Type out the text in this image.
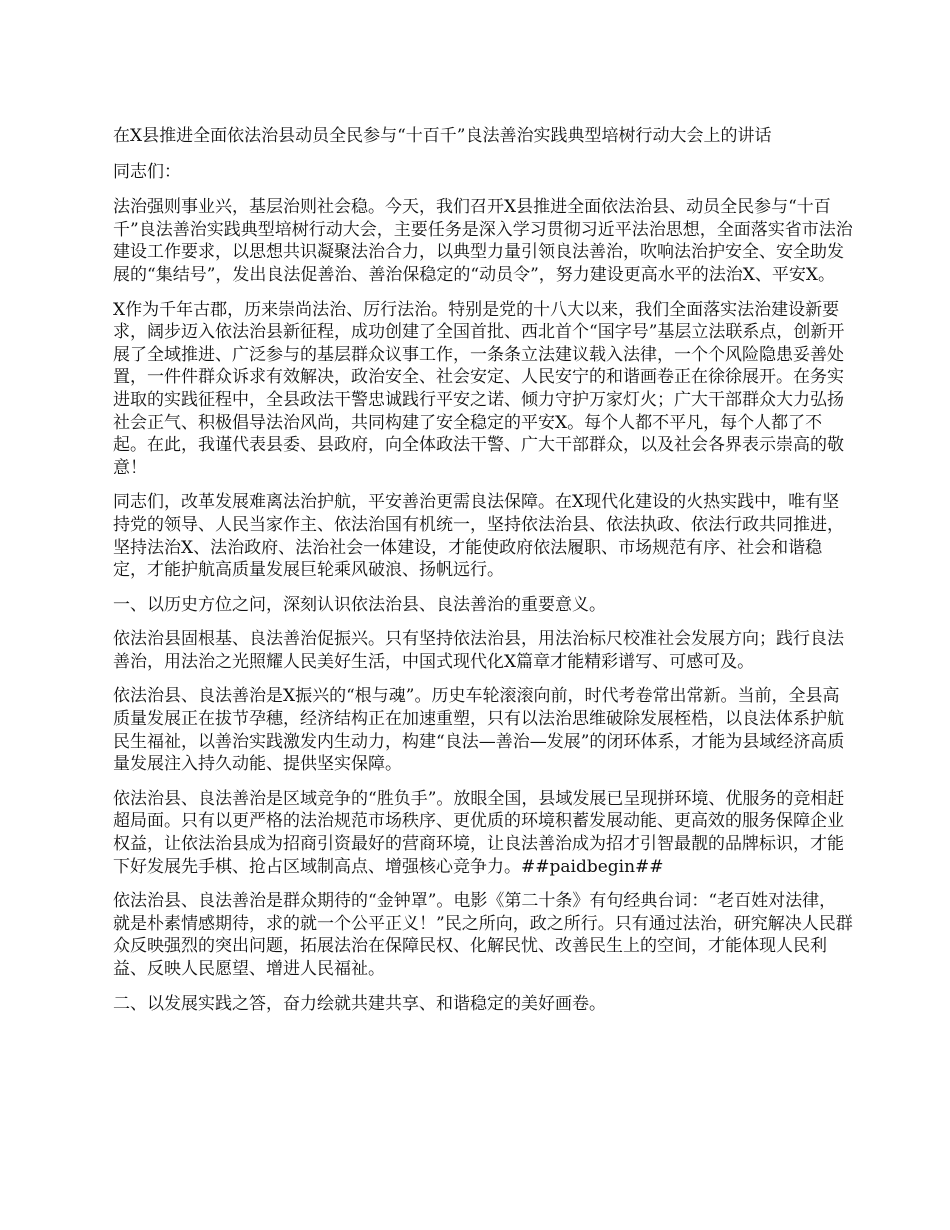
在X县推进全面依法治县动员全民参与“十百千”良法善治实践典型培树行动大会上的讲话

同志们：

法治强则事业兴，基层治则社会稳。今天，我们召开X县推进全面依法治县、动员全民参与“十百千”良法善治实践典型培树行动大会，主要任务是深入学习贯彻习近平法治思想，全面落实省市法治建设工作要求，以思想共识凝聚法治合力，以典型力量引领良法善治，吹响法治护安全、安全助发展的“集结号”，发出良法促善治、善治保稳定的“动员令”，努力建设更高水平的法治X、平安X。

X作为千年古郡，历来崇尚法治、厉行法治。特别是党的十八大以来，我们全面落实法治建设新要求，阔步迈入依法治县新征程，成功创建了全国首批、西北首个“国字号”基层立法联系点，创新开展了全域推进、广泛参与的基层群众议事工作，一条条立法建议载入法律，一个个风险隐患妥善处置，一件件群众诉求有效解决，政治安全、社会安定、人民安宁的和谐画卷正在徐徐展开。在务实进取的实践征程中，全县政法干警忠诚践行平安之诺、倾力守护万家灯火；广大干部群众大力弘扬社会正气、积极倡导法治风尚，共同构建了安全稳定的平安X。每个人都不平凡，每个人都了不起。在此，我谨代表县委、县政府，向全体政法干警、广大干部群众，以及社会各界表示崇高的敬意！

同志们，改革发展难离法治护航，平安善治更需良法保障。在X现代化建设的火热实践中，唯有坚持党的领导、人民当家作主、依法治国有机统一，坚持依法治县、依法执政、依法行政共同推进，坚持法治X、法治政府、法治社会一体建设，才能使政府依法履职、市场规范有序、社会和谐稳定，才能护航高质量发展巨轮乘风破浪、扬帆远行。

一、以历史方位之问，深刻认识依法治县、良法善治的重要意义。

依法治县固根基、良法善治促振兴。只有坚持依法治县，用法治标尺校准社会发展方向；践行良法善治，用法治之光照耀人民美好生活，中国式现代化X篇章才能精彩谱写、可感可及。

依法治县、良法善治是X振兴的“根与魂”。历史车轮滚滚向前，时代考卷常出常新。当前，全县高质量发展正在拔节孕穗，经济结构正在加速重塑，只有以法治思维破除发展桎梏，以良法体系护航民生福祉，以善治实践激发内生动力，构建“良法—善治—发展”的闭环体系，才能为县域经济高质量发展注入持久动能、提供坚实保障。

依法治县、良法善治是区域竞争的“胜负手”。放眼全国，县域发展已呈现拼环境、优服务的竞相赶超局面。只有以更严格的法治规范市场秩序、更优质的环境积蓄发展动能、更高效的服务保障企业权益，让依法治县成为招商引资最好的营商环境，让良法善治成为招才引智最靓的品牌标识，才能下好发展先手棋、抢占区域制高点、增强核心竞争力。##paidbegin##

依法治县、良法善治是群众期待的“金钟罩”。电影《第二十条》有句经典台词：“老百姓对法律，就是朴素情感期待，求的就一个公平正义！”民之所向，政之所行。只有通过法治，研究解决人民群众反映强烈的突出问题，拓展法治在保障民权、化解民忧、改善民生上的空间，才能体现人民利益、反映人民愿望、增进人民福祉。

二、以发展实践之答，奋力绘就共建共享、和谐稳定的美好画卷。
